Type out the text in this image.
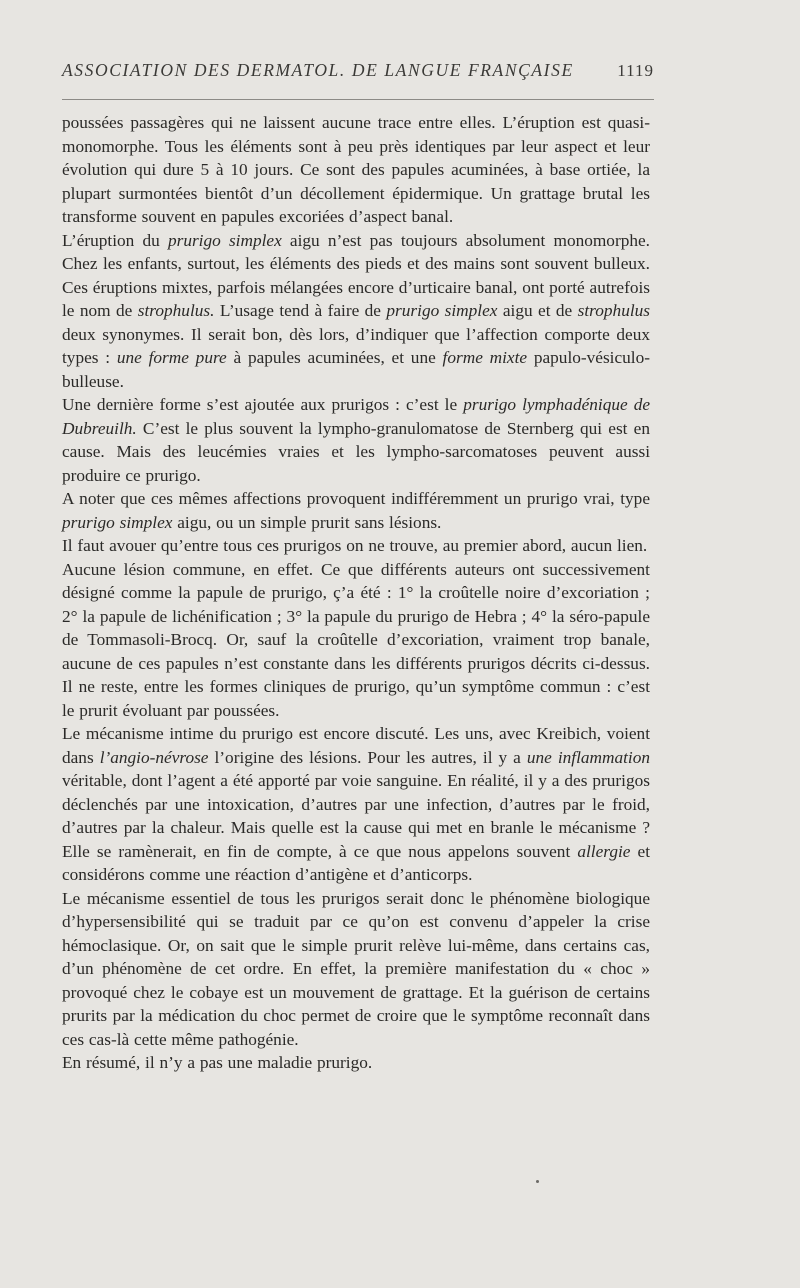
ASSOCIATION DES DERMATOL. DE LANGUE FRANÇAISE	1119

poussées passagères qui ne laissent aucune trace entre elles. L’éruption est quasi-monomorphe. Tous les éléments sont à peu près identiques par leur aspect et leur évolution qui dure 5 à 10 jours. Ce sont des papules acuminées, à base ortiée, la plupart surmontées bientôt d’un décollement épidermique. Un grattage brutal les transforme souvent en papules excoriées d’aspect banal.

L’éruption du prurigo simplex aigu n’est pas toujours absolument monomorphe. Chez les enfants, surtout, les éléments des pieds et des mains sont souvent bulleux. Ces éruptions mixtes, parfois mélangées encore d’urticaire banal, ont porté autrefois le nom de strophulus. L’usage tend à faire de prurigo simplex aigu et de strophulus deux synonymes. Il serait bon, dès lors, d’indiquer que l’affection comporte deux types : une forme pure à papules acuminées, et une forme mixte papulo-vésiculo-bulleuse.

Une dernière forme s’est ajoutée aux prurigos : c’est le prurigo lymphadénique de Dubreuilh. C’est le plus souvent la lympho-granulomatose de Sternberg qui est en cause. Mais des leucémies vraies et les lympho-sarcomatoses peuvent aussi produire ce prurigo.

A noter que ces mêmes affections provoquent indifféremment un prurigo vrai, type prurigo simplex aigu, ou un simple prurit sans lésions.

Il faut avouer qu’entre tous ces prurigos on ne trouve, au premier abord, aucun lien.

Aucune lésion commune, en effet. Ce que différents auteurs ont successivement désigné comme la papule de prurigo, ç’a été : 1° la croûtelle noire d’excoriation ; 2° la papule de lichénification ; 3° la papule du prurigo de Hebra ; 4° la séro-papule de Tommasoli-Brocq. Or, sauf la croûtelle d’excoriation, vraiment trop banale, aucune de ces papules n’est constante dans les différents prurigos décrits ci-dessus. Il ne reste, entre les formes cliniques de prurigo, qu’un symptôme commun : c’est le prurit évoluant par poussées.

Le mécanisme intime du prurigo est encore discuté. Les uns, avec Kreibich, voient dans l’angio-névrose l’origine des lésions. Pour les autres, il y a une inflammation véritable, dont l’agent a été apporté par voie sanguine. En réalité, il y a des prurigos déclenchés par une intoxication, d’autres par une infection, d’autres par le froid, d’autres par la chaleur. Mais quelle est la cause qui met en branle le mécanisme ? Elle se ramènerait, en fin de compte, à ce que nous appelons souvent allergie et considérons comme une réaction d’antigène et d’anticorps.

Le mécanisme essentiel de tous les prurigos serait donc le phénomène biologique d’hypersensibilité qui se traduit par ce qu’on est convenu d’appeler la crise hémoclasique. Or, on sait que le simple prurit relève lui-même, dans certains cas, d’un phénomène de cet ordre. En effet, la première manifestation du « choc » provoqué chez le cobaye est un mouvement de grattage. Et la guérison de certains prurits par la médication du choc permet de croire que le symptôme reconnaît dans ces cas-là cette même pathogénie.

En résumé, il n’y a pas une maladie prurigo.
